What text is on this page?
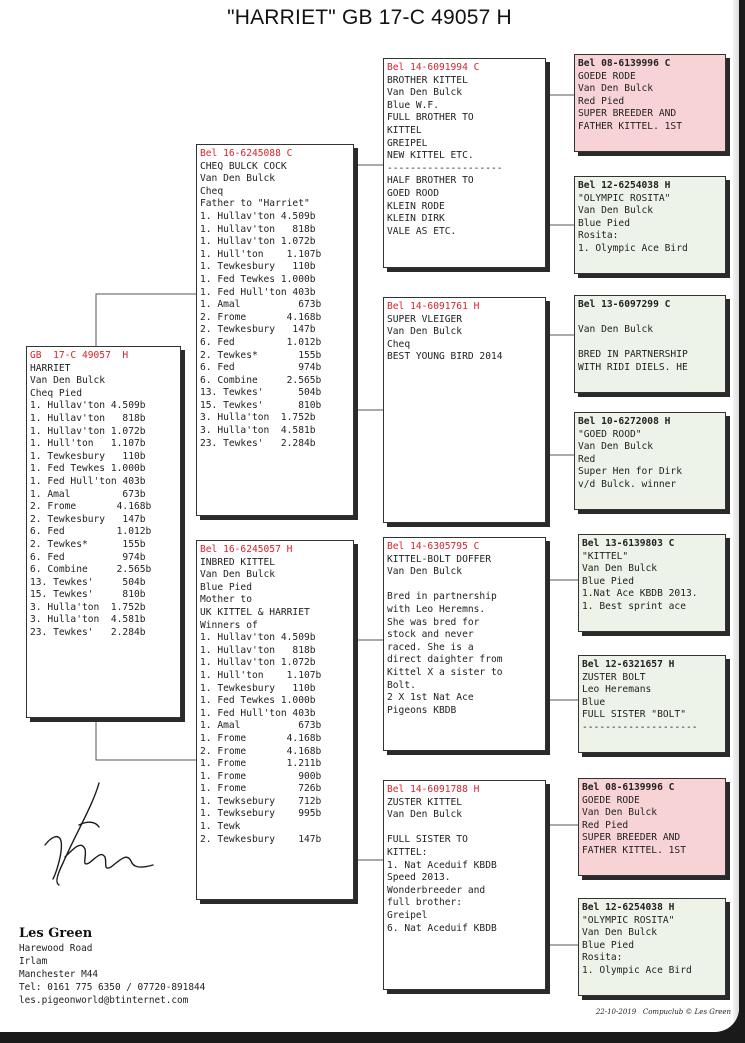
"HARRIET" GB 17-C 49057 H
GB  17-C 49057  H
HARRIET
Van Den Bulck
Cheq Pied
1. Hullav'ton 4.509b
1. Hullav'ton   818b
1. Hullav'ton 1.072b
1. Hull'ton   1.107b
1. Tewkesbury   110b
1. Fed Tewkes 1.000b
1. Fed Hull'ton 403b
1. Amal         673b
2. Frome       4.168b
2. Tewkesbury   147b
6. Fed         1.012b
2. Tewkes*      155b
6. Fed          974b
6. Combine     2.565b
13. Tewkes'     504b
15. Tewkes'     810b
3. Hulla'ton  1.752b
3. Hulla'ton  4.581b
23. Tewkes'   2.284b
Bel 16-6245088 C
CHEQ BULCK COCK
Van Den Bulck
Cheq
Father to "Harriet"
1. Hullav'ton 4.509b
1. Hullav'ton   818b
1. Hullav'ton 1.072b
1. Hull'ton    1.107b
1. Tewkesbury   110b
1. Fed Tewkes 1.000b
1. Fed Hull'ton 403b
1. Amal          673b
2. Frome       4.168b
2. Tewkesbury   147b
6. Fed         1.012b
2. Tewkes*       155b
6. Fed           974b
6. Combine     2.565b
13. Tewkes'      504b
15. Tewkes'      810b
3. Hulla'ton  1.752b
3. Hulla'ton  4.581b
23. Tewkes'   2.284b
Bel 16-6245057 H
INBRED KITTEL
Van Den Bulck
Blue Pied
Mother to
UK KITTEL & HARRIET
Winners of
1. Hullav'ton 4.509b
1. Hullav'ton   818b
1. Hullav'ton 1.072b
1. Hull'ton    1.107b
1. Tewkesbury   110b
1. Fed Tewkes 1.000b
1. Fed Hull'ton 403b
1. Amal          673b
1. Frome       4.168b
2. Frome       4.168b
1. Frome       1.211b
1. Frome         900b
1. Frome         726b
1. Tewksebury    712b
1. Tewksebury    995b
1. Tewk
2. Tewkesbury    147b
Bel 14-6091994 C
BROTHER KITTEL
Van Den Bulck
Blue W.F.
FULL BROTHER TO
KITTEL
GREIPEL
NEW KITTEL ETC.
--------------------
HALF BROTHER TO
GOED ROOD
KLEIN RODE
KLEIN DIRK
VALE AS ETC.
Bel 14-6091761 H
SUPER VLEIGER
Van Den Bulck
Cheq
BEST YOUNG BIRD 2014
Bel 14-6305795 C
KITTEL-BOLT DOFFER
Van Den Bulck
Bred in partnership
with Leo Heremns.
She was bred for
stock and never
raced. She is a
direct daighter from
Kittel X a sister to
Bolt.
2 X 1st Nat Ace
Pigeons KBDB
Bel 14-6091788 H
ZUSTER KITTEL
Van Den Bulck
FULL SISTER TO
KITTEL:
1. Nat Aceduif KBDB
Speed 2013.
Wonderbreeder and
full brother:
Greipel
6. Nat Aceduif KBDB
Bel 08-6139996 C
GOEDE RODE
Van Den Bulck
Red Pied
SUPER BREEDER AND
FATHER KITTEL. 1ST
Bel 12-6254038 H
"OLYMPIC ROSITA"
Van Den Bulck
Blue Pied
Rosita:
1. Olympic Ace Bird
Bel 13-6097299 C
Van Den Bulck
BRED IN PARTNERSHIP
WITH RIDI DIELS. HE
Bel 10-6272008 H
"GOED ROOD"
Van Den Bulck
Red
Super Hen for Dirk
v/d Bulck. winner
Bel 13-6139803 C
"KITTEL"
Van Den Bulck
Blue Pied
1.Nat Ace KBDB 2013.
1. Best sprint ace
Bel 12-6321657 H
ZUSTER BOLT
Leo Heremans
Blue
FULL SISTER "BOLT"
--------------------
Bel 08-6139996 C
GOEDE RODE
Van Den Bulck
Red Pied
SUPER BREEDER AND
FATHER KITTEL. 1ST
Bel 12-6254038 H
"OLYMPIC ROSITA"
Van Den Bulck
Blue Pied
Rosita:
1. Olympic Ace Bird
Les Green
Harewood Road
Irlam
Manchester M44
Tel: 0161 775 6350 / 07720-891844
les.pigeonworld@btinternet.com
22-10-2019   Compuclub © Les Green
